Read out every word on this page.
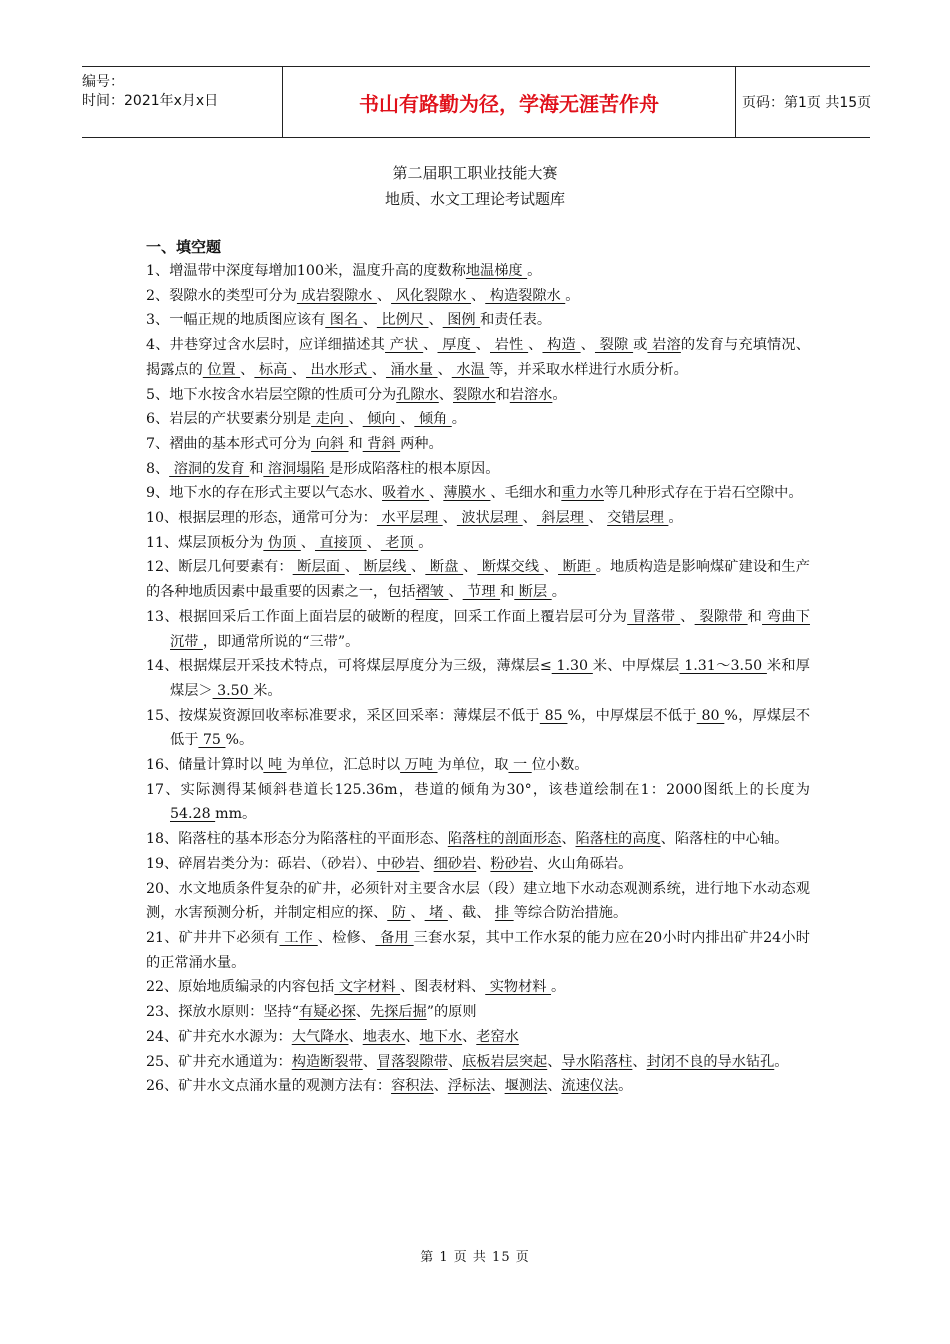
编号：
时间：2021年x月x日	书山有路勤为径，学海无涯苦作舟	页码：第1页 共15页
第二届职工职业技能大赛
地质、水文工理论考试题库
一、填空题

1、增温带中深度每增加100米，温度升高的度数称地温梯度 。

2、裂隙水的类型可分为 成岩裂隙水 、 风化裂隙水 、 构造裂隙水 。

3、一幅正规的地质图应该有 图名 、 比例尺 、 图例 和责任表。

4、井巷穿过含水层时，应详细描述其 产状 、 厚度 、 岩性 、 构造 、 裂隙 或 岩溶的发育与充填情况、揭露点的 位置 、 标高 、 出水形式 、 涌水量 、 水温 等，并采取水样进行水质分析。

5、地下水按含水岩层空隙的性质可分为孔隙水、裂隙水和岩溶水。

6、岩层的产状要素分别是 走向 、 倾向 、 倾角 。

7、褶曲的基本形式可分为 向斜 和 背斜 两种。

8、 溶洞的发育 和 溶洞塌陷 是形成陷落柱的根本原因。

9、地下水的存在形式主要以气态水、吸着水 、薄膜水 、毛细水和重力水等几种形式存在于岩石空隙中。

10、根据层理的形态，通常可分为： 水平层理 、 波状层理 、 斜层理 、 交错层理 。

11、煤层顶板分为 伪顶 、 直接顶 、 老顶 。

12、断层几何要素有： 断层面 、 断层线 、 断盘 、 断煤交线 、 断距 。地质构造是影响煤矿建设和生产的各种地质因素中最重要的因素之一，包括褶皱 、 节理 和 断层 。

13、根据回采后工作面上面岩层的破断的程度，回采工作面上覆岩层可分为 冒落带 、 裂隙带 和 弯曲下沉带 ，即通常所说的“三带”。

14、根据煤层开采技术特点，可将煤层厚度分为三级，薄煤层≤ 1.30 米、中厚煤层 1.31～3.50 米和厚煤层＞ 3.50 米。

15、按煤炭资源回收率标准要求，采区回采率：薄煤层不低于 85 %，中厚煤层不低于 80 %，厚煤层不低于 75 %。

16、储量计算时以 吨 为单位，汇总时以 万吨 为单位，取 一 位小数。

17、实际测得某倾斜巷道长125.36m，巷道的倾角为30°，该巷道绘制在1：2000图纸上的长度为 54.28 mm。

18、陷落柱的基本形态分为陷落柱的平面形态、陷落柱的剖面形态、陷落柱的高度、陷落柱的中心轴。

19、碎屑岩类分为：砾岩、（砂岩）、中砂岩、细砂岩、粉砂岩、火山角砾岩。

20、水文地质条件复杂的矿井，必须针对主要含水层（段）建立地下水动态观测系统，进行地下水动态观测，水害预测分析，并制定相应的探、 防 、 堵 、截、 排 等综合防治措施。

21、矿井井下必须有 工作 、检修、 备用 三套水泵，其中工作水泵的能力应在20小时内排出矿井24小时的正常涌水量。

22、原始地质编录的内容包括 文字材料 、图表材料、 实物材料 。

23、探放水原则：坚持“有疑必探、先探后掘”的原则

24、矿井充水水源为：大气降水、地表水、地下水、老窑水

25、矿井充水通道为：构造断裂带、冒落裂隙带、底板岩层突起、导水陷落柱、封闭不良的导水钻孔。

26、矿井水文点涌水量的观测方法有：容积法、浮标法、堰测法、流速仪法。

第 1 页 共 15 页
